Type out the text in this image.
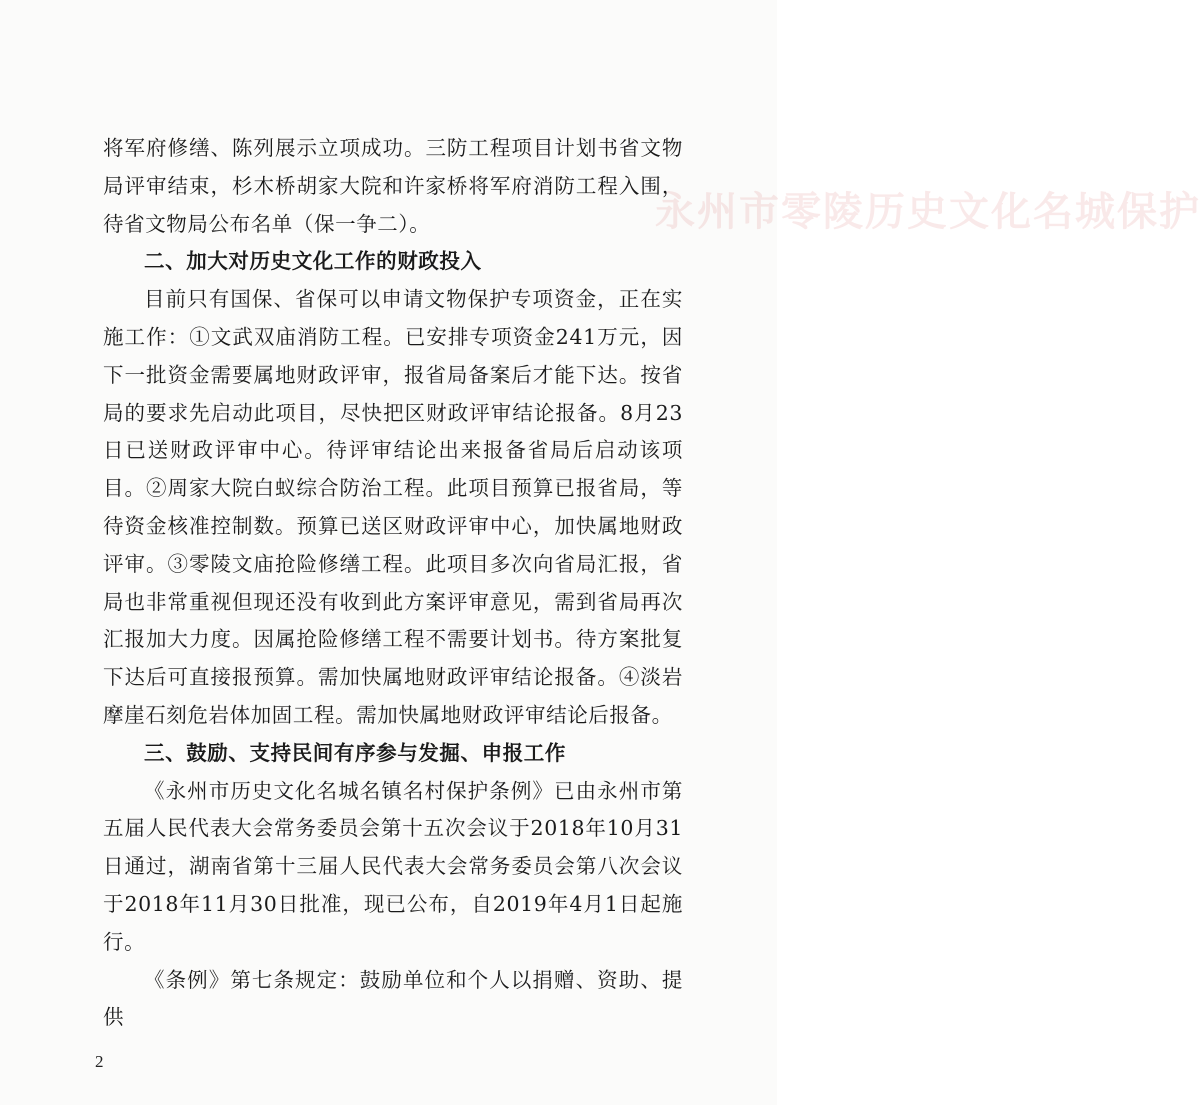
永州市零陵历史文化名城保护

将军府修缮、陈列展示立项成功。三防工程项目计划书省文物局评审结束，杉木桥胡家大院和许家桥将军府消防工程入围，待省文物局公布名单（保一争二）。

二、加大对历史文化工作的财政投入

目前只有国保、省保可以申请文物保护专项资金，正在实施工作：①文武双庙消防工程。已安排专项资金241万元，因下一批资金需要属地财政评审，报省局备案后才能下达。按省局的要求先启动此项目，尽快把区财政评审结论报备。8月23日已送财政评审中心。待评审结论出来报备省局后启动该项目。②周家大院白蚁综合防治工程。此项目预算已报省局，等待资金核准控制数。预算已送区财政评审中心，加快属地财政评审。③零陵文庙抢险修缮工程。此项目多次向省局汇报，省局也非常重视但现还没有收到此方案评审意见，需到省局再次汇报加大力度。因属抢险修缮工程不需要计划书。待方案批复下达后可直接报预算。需加快属地财政评审结论报备。④淡岩摩崖石刻危岩体加固工程。需加快属地财政评审结论后报备。

三、鼓励、支持民间有序参与发掘、申报工作

《永州市历史文化名城名镇名村保护条例》已由永州市第五届人民代表大会常务委员会第十五次会议于2018年10月31日通过，湖南省第十三届人民代表大会常务委员会第八次会议于2018年11月30日批准，现已公布，自2019年4月1日起施行。

《条例》第七条规定：鼓励单位和个人以捐赠、资助、提供

2
